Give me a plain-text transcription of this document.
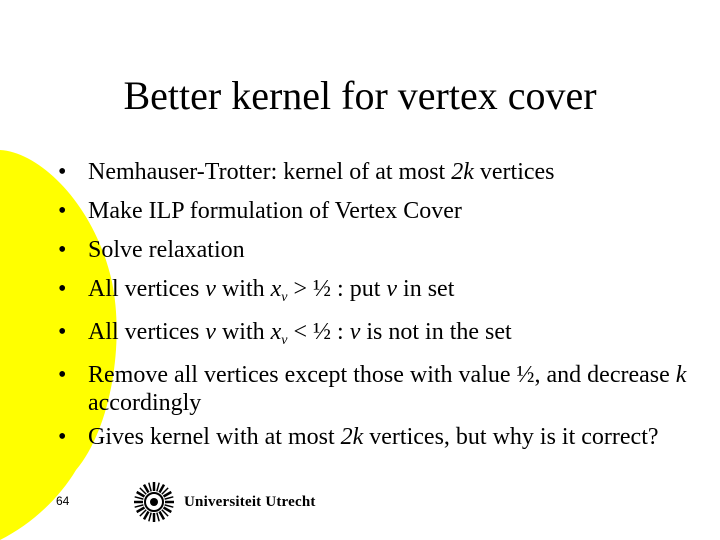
Better kernel for vertex cover
• Nemhauser-Trotter: kernel of at most 2k vertices
• Make ILP formulation of Vertex Cover
• Solve relaxation
• All vertices v with $x_v$ > ½ : put v in set
• All vertices v with $x_v$ < ½ : v is not in the set
• Remove all vertices except those with value ½, and decrease k accordingly
• Gives kernel with at most 2k vertices, but why is it correct?
64	Universiteit Utrecht
